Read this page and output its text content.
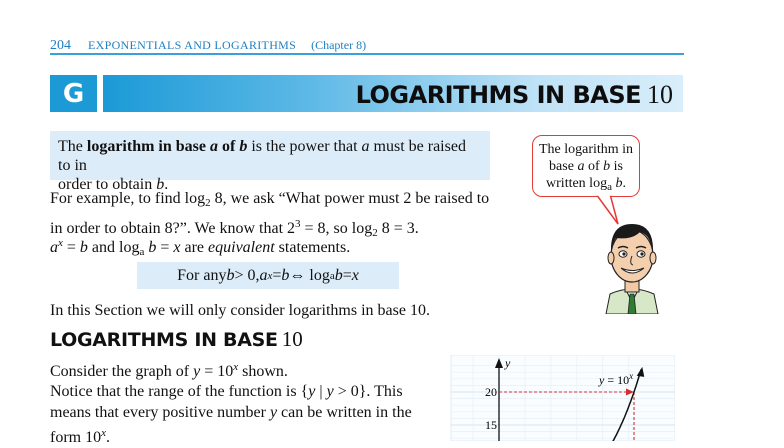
204 EXPONENTIALS AND LOGARITHMS (Chapter 8)
G	LOGARITHMS IN BASE 10
The logarithm in base a of b is the power that a must be raised to in
order to obtain b.
For example, to find $\log_2 8$, we ask “What power must 2 be raised to
in order to obtain 8?”. We know that $2^3 = 8$, so $\log_2 8 = 3$.
$a^x = b$ and $\log_a b = x$ are equivalent statements.
For any b > 0, a x = b ⇔ log a b = x
In this Section we will only consider logarithms in base 10.
LOGARITHMS IN BASE 10
Consider the graph of $y = 10^x$ shown.
Notice that the range of the function is {y | y > 0}. This
means that every positive number y can be written in the
form 10$^x$.
The logarithm in
base a of b is
written $\log_a b$.
y
20
15
$y = 10^x$
